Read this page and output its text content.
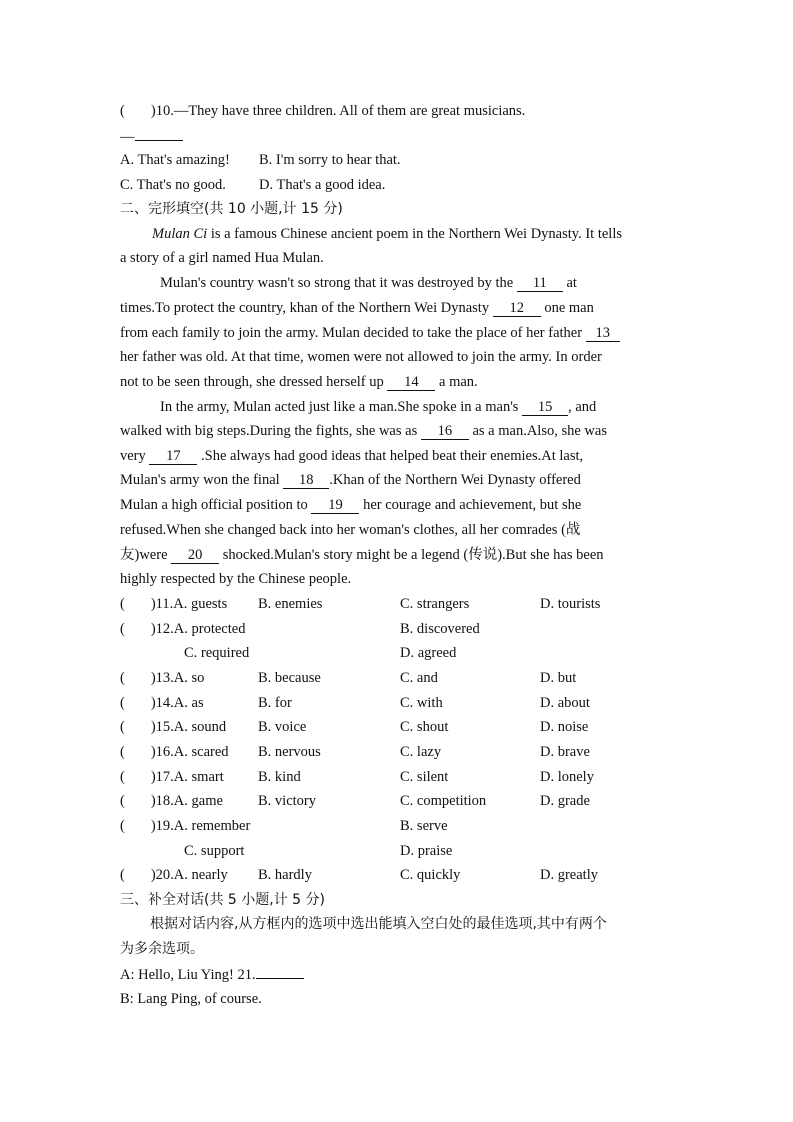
( )10.—They have three children. All of them are great musicians.
—
A. That's amazing! B. I'm sorry to hear that.
C. That's no good. D. That's a good idea.
二、完形填空(共 10 小题,计 15 分)
Mulan Ci is a famous Chinese ancient poem in the Northern Wei Dynasty. It tells
a story of a girl named Hua Mulan.
Mulan's country wasn't so strong that it was destroyed by the 11 at
times.To protect the country, khan of the Northern Wei Dynasty 12 one man
from each family to join the army. Mulan decided to take the place of her father 13
her father was old. At that time, women were not allowed to join the army. In order
not to be seen through, she dressed herself up 14 a man.
In the army, Mulan acted just like a man.She spoke in a man's 15 , and
walked with big steps.During the fights, she was as 16 as a man.Also, she was
very 17 .She always had good ideas that helped beat their enemies.At last,
Mulan's army won the final 18 .Khan of the Northern Wei Dynasty offered
Mulan a high official position to 19 her courage and achievement, but she
refused.When she changed back into her woman's clothes, all her comrades (战
友)were 20 shocked.Mulan's story might be a legend (传说).But she has been
highly respected by the Chinese people.
( )11.A. guests B. enemies	C. strangers	D. tourists
( )12.A. protected	B. discovered
C. required	D. agreed
( )13.A. so	B. because	C. and	D. but
( )14.A. as	B. for	C. with	D. about
( )15.A. sound B. voice	C. shout	D. noise
( )16.A. scared B. nervous	C. lazy	D. brave
( )17.A. smart B. kind	C. silent	D. lonely
( )18.A. game B. victory	C. competition	D. grade
( )19.A. remember	B. serve
C. support	D. praise
( )20.A. nearly B. hardly	C. quickly	D. greatly
三、补全对话(共 5 小题,计 5 分)
根据对话内容,从方框内的选项中选出能填入空白处的最佳选项,其中有两个
为多余选项。
A: Hello, Liu Ying! 21.
B: Lang Ping, of course.
